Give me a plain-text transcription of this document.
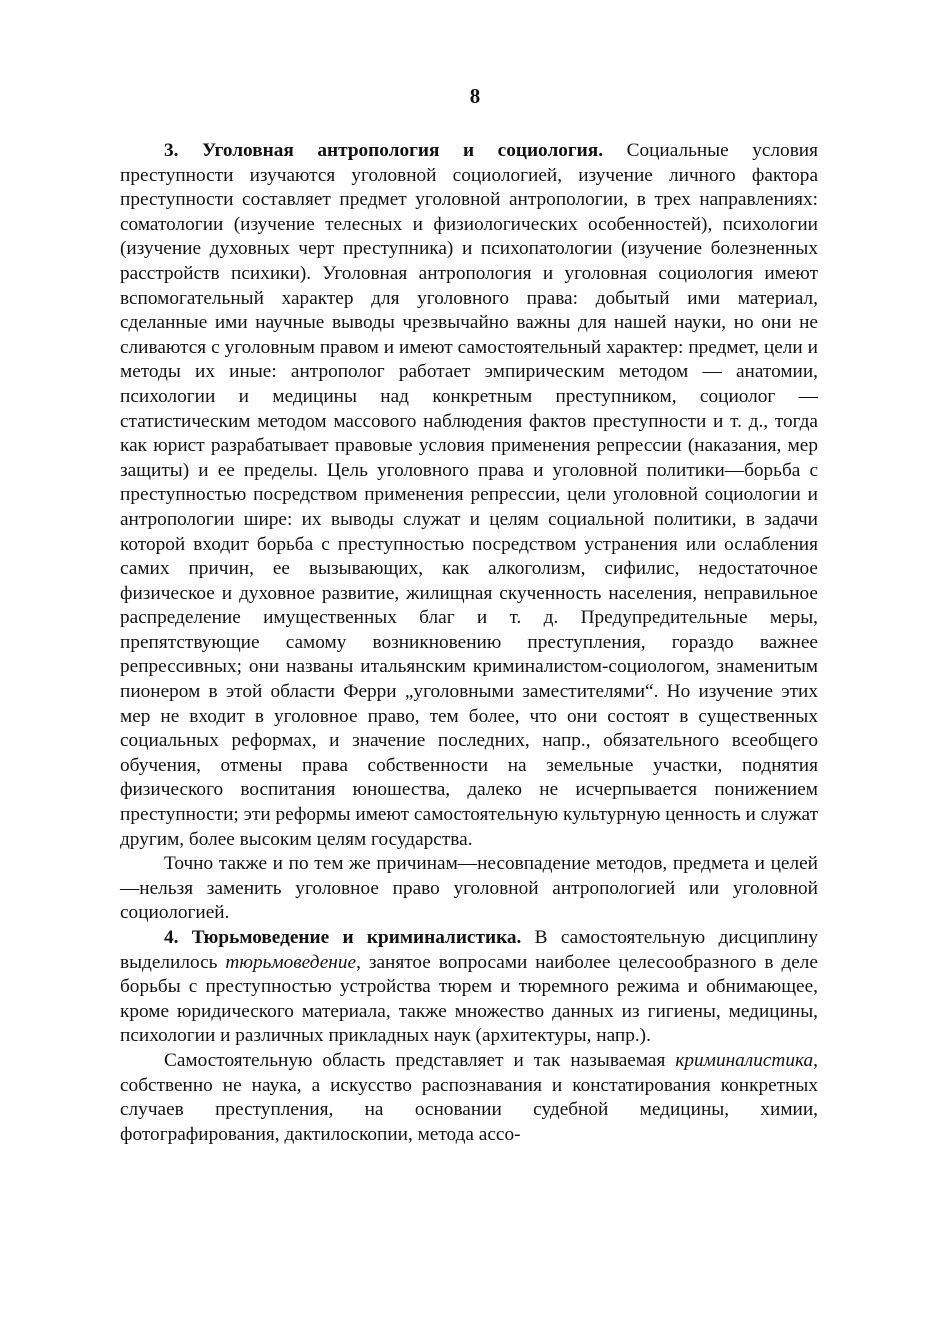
8

3. Уголовная антропология и социология. Социальные условия преступности изучаются уголовной социологией, изучение личного фактора преступности составляет предмет уголовной антропологии, в трех направлениях: соматологии (изучение телесных и физиологических особенностей), психологии (изучение духовных черт преступника) и психопатологии (изучение болезненных расстройств психики). Уголовная антропология и уголовная социология имеют вспомогательный характер для уголовного права: добытый ими материал, сделанные ими научные выводы чрезвычайно важны для нашей науки, но они не сливаются с уголовным правом и имеют самостоятельный характер: предмет, цели и методы их иные: антрополог работает эмпирическим методом — анатомии, психологии и медицины над конкретным преступником, социолог — статистическим методом массового наблюдения фактов преступности и т. д., тогда как юрист разрабатывает правовые условия применения репрессии (наказания, мер защиты) и ее пределы. Цель уголовного права и уголовной политики—борьба с преступностью посредством применения репрессии, цели уголовной социологии и антропологии шире: их выводы служат и целям социальной политики, в задачи которой входит борьба с преступностью посредством устранения или ослабления самих причин, ее вызывающих, как алкоголизм, сифилис, недостаточное физическое и духовное развитие, жилищная скученность населения, неправильное распределение имущественных благ и т. д. Предупредительные меры, препятствующие самому возникновению преступления, гораздо важнее репрессивных; они названы итальянским криминалистом-социологом, знаменитым пионером в этой области Ферри „уголовными заместителями“. Но изучение этих мер не входит в уголовное право, тем более, что они состоят в существенных социальных реформах, и значение последних, напр., обязательного всеобщего обучения, отмены права собственности на земельные участки, поднятия физического воспитания юношества, далеко не исчерпывается понижением преступности; эти реформы имеют самостоятельную культурную ценность и служат другим, более высоким целям государства.

Точно также и по тем же причинам—несовпадение методов, предмета и целей—нельзя заменить уголовное право уголовной антропологией или уголовной социологией.

4. Тюрьмоведение и криминалистика. В самостоятельную дисциплину выделилось тюрьмоведение, занятое вопросами наиболее целесообразного в деле борьбы с преступностью устройства тюрем и тюремного режима и обнимающее, кроме юридического материала, также множество данных из гигиены, медицины, психологии и различных прикладных наук (архитектуры, напр.).

Самостоятельную область представляет и так называемая криминалистика, собственно не наука, а искусство распознавания и констатирования конкретных случаев преступления, на основании судебной медицины, химии, фотографирования, дактилоскопии, метода ассо-
